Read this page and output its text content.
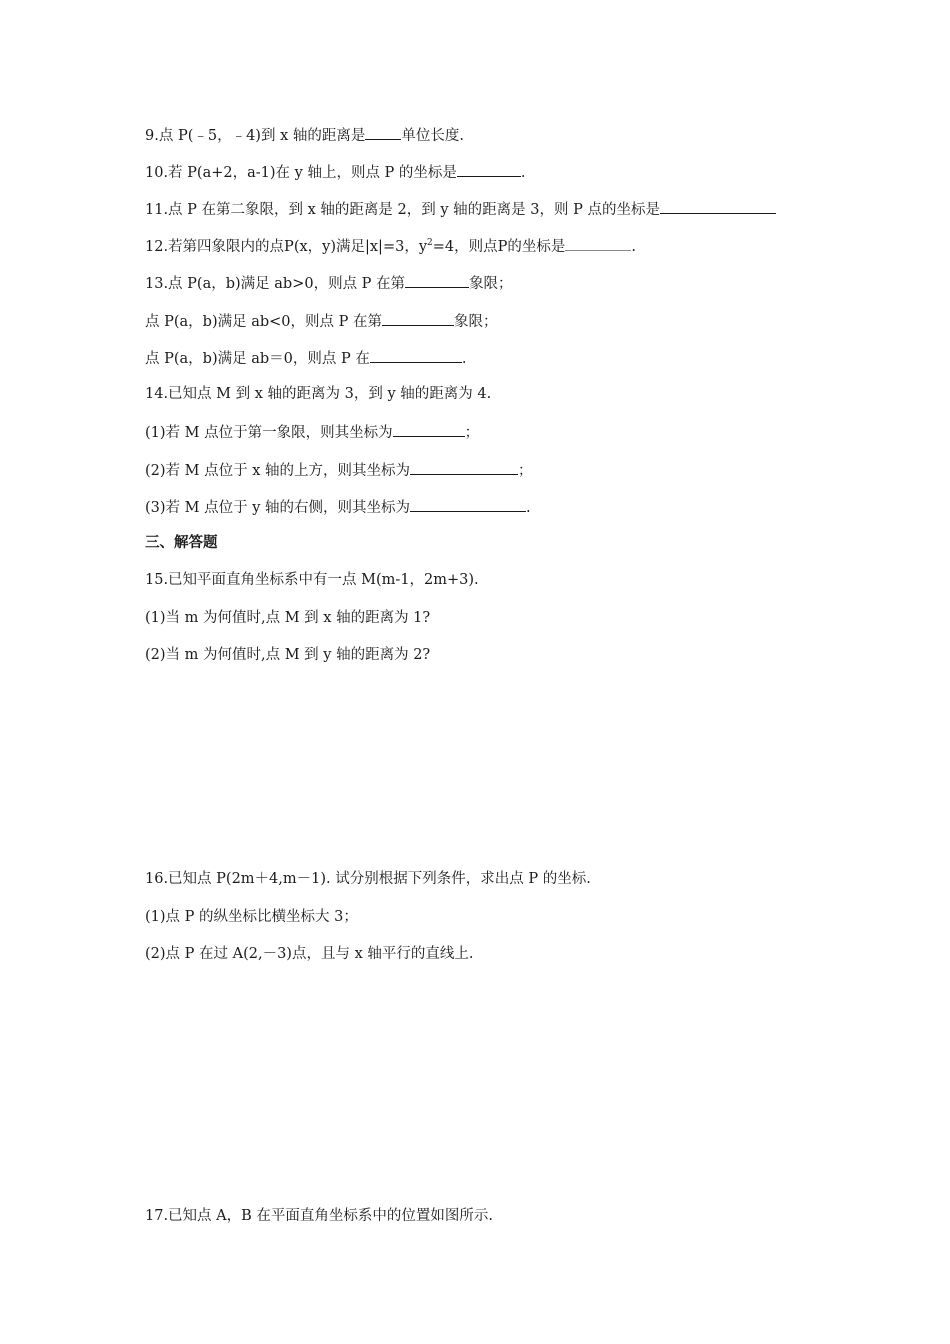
9.点 P(﹣5，﹣4)到 x 轴的距离是 单位长度.
10.若 P(a+2，a-1)在 y 轴上，则点 P 的坐标是	.
11.点 P 在第二象限，到 x 轴的距离是 2，到 y 轴的距离是 3，则 P 点的坐标是
12.若第四象限内的点P(x，y)满足|x|=3，$y^2=4$，则点P的坐标是	.
13.点 P(a，b)满足 ab>0，则点 P 在第	象限；
点 P(a，b)满足 ab<0，则点 P 在第	象限；
点 P(a，b)满足 ab＝0，则点 P 在	.
14.已知点 M 到 x 轴的距离为 3，到 y 轴的距离为 4.
(1)若 M 点位于第一象限，则其坐标为	；
(2)若 M 点位于 x 轴的上方，则其坐标为	；
(3)若 M 点位于 y 轴的右侧，则其坐标为	.
三、解答题
15.已知平面直角坐标系中有一点 M(m-1，2m+3).
(1)当 m 为何值时,点 M 到 x 轴的距离为 1?
(2)当 m 为何值时,点 M 到 y 轴的距离为 2?
16.已知点 P(2m＋4,m－1). 试分别根据下列条件，求出点 P 的坐标.
(1)点 P 的纵坐标比横坐标大 3；
(2)点 P 在过 A(2,－3)点，且与 x 轴平行的直线上.
17.已知点 A，B 在平面直角坐标系中的位置如图所示.
